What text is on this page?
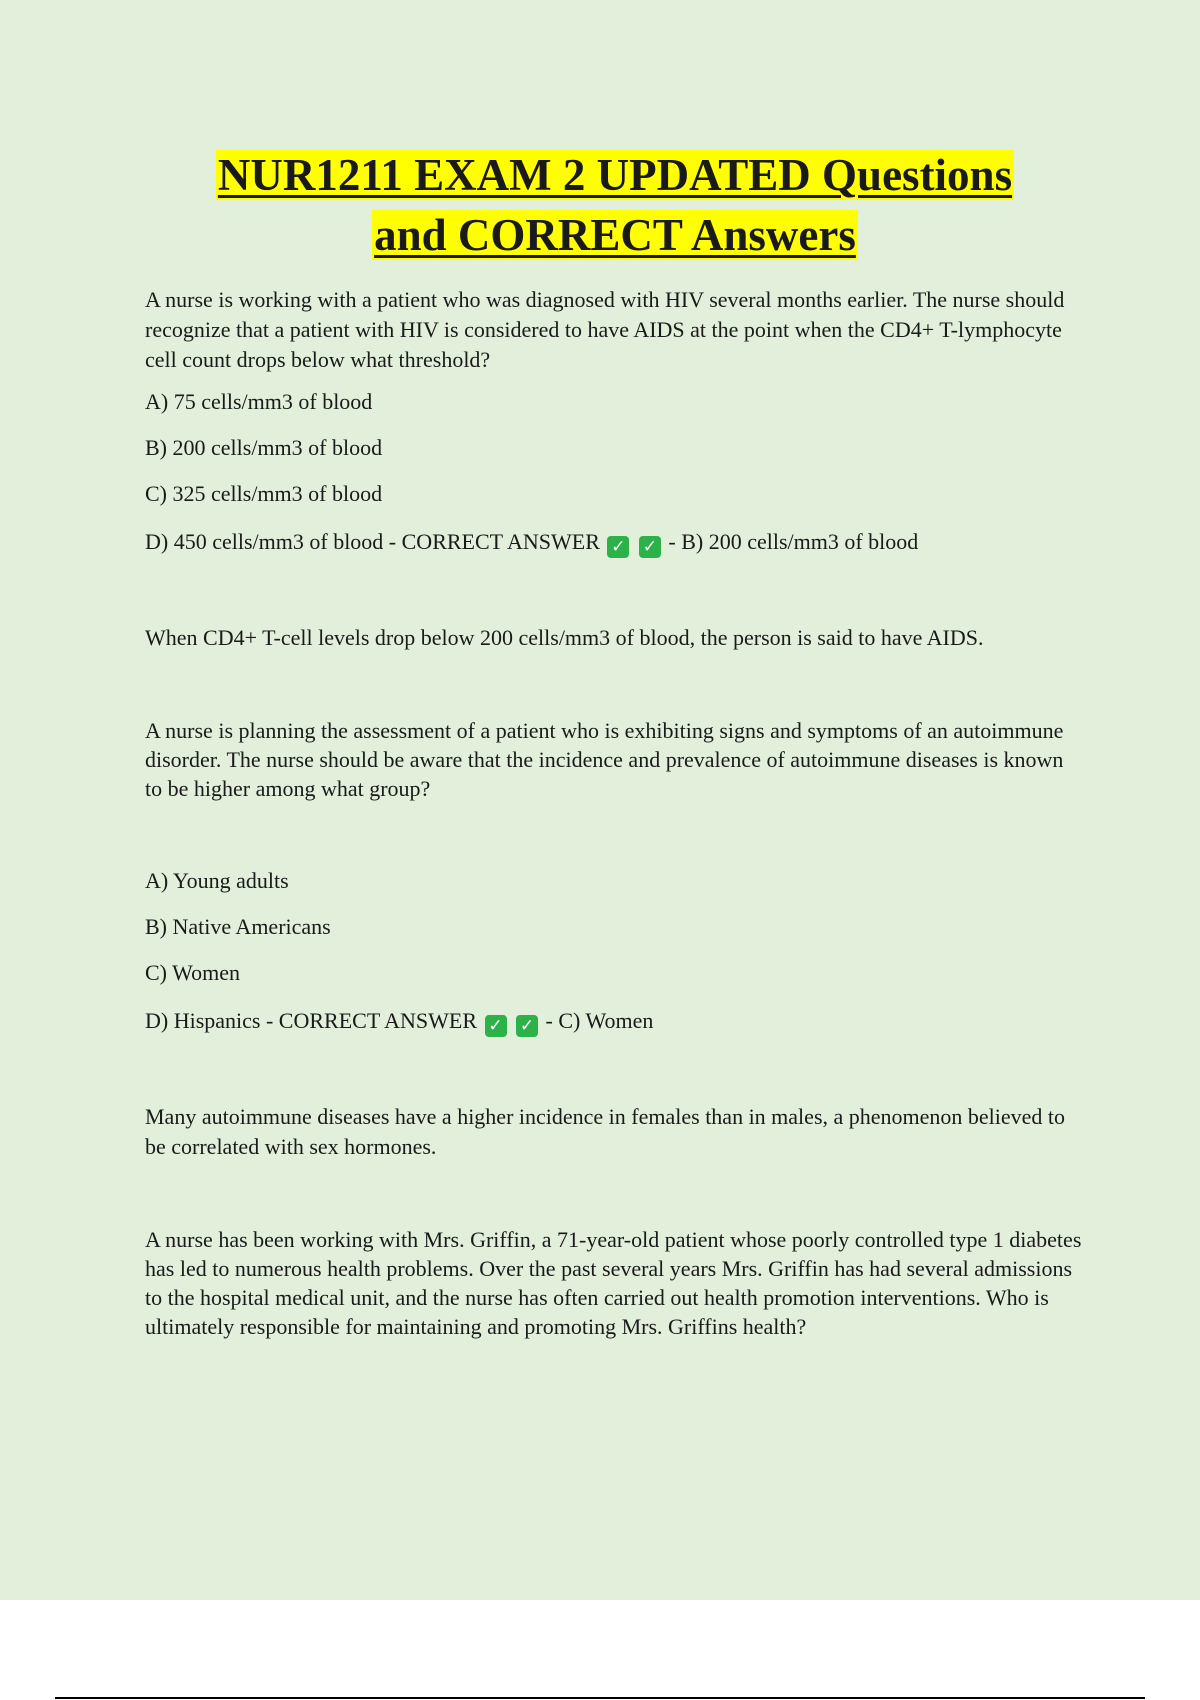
NUR1211 EXAM 2 UPDATED Questions
and CORRECT Answers

A nurse is working with a patient who was diagnosed with HIV several months earlier. The nurse should recognize that a patient with HIV is considered to have AIDS at the point when the CD4+ T-lymphocyte cell count drops below what threshold?

A) 75 cells/mm3 of blood

B) 200 cells/mm3 of blood

C) 325 cells/mm3 of blood

D) 450 cells/mm3 of blood - CORRECT ANSWER ✓ ✓ - B) 200 cells/mm3 of blood

When CD4+ T-cell levels drop below 200 cells/mm3 of blood, the person is said to have AIDS.

A nurse is planning the assessment of a patient who is exhibiting signs and symptoms of an autoimmune disorder. The nurse should be aware that the incidence and prevalence of autoimmune diseases is known to be higher among what group?

A) Young adults

B) Native Americans

C) Women

D) Hispanics - CORRECT ANSWER ✓ ✓ - C) Women

Many autoimmune diseases have a higher incidence in females than in males, a phenomenon believed to be correlated with sex hormones.

A nurse has been working with Mrs. Griffin, a 71-year-old patient whose poorly controlled type 1 diabetes has led to numerous health problems. Over the past several years Mrs. Griffin has had several admissions to the hospital medical unit, and the nurse has often carried out health promotion interventions. Who is ultimately responsible for maintaining and promoting Mrs. Griffins health?
